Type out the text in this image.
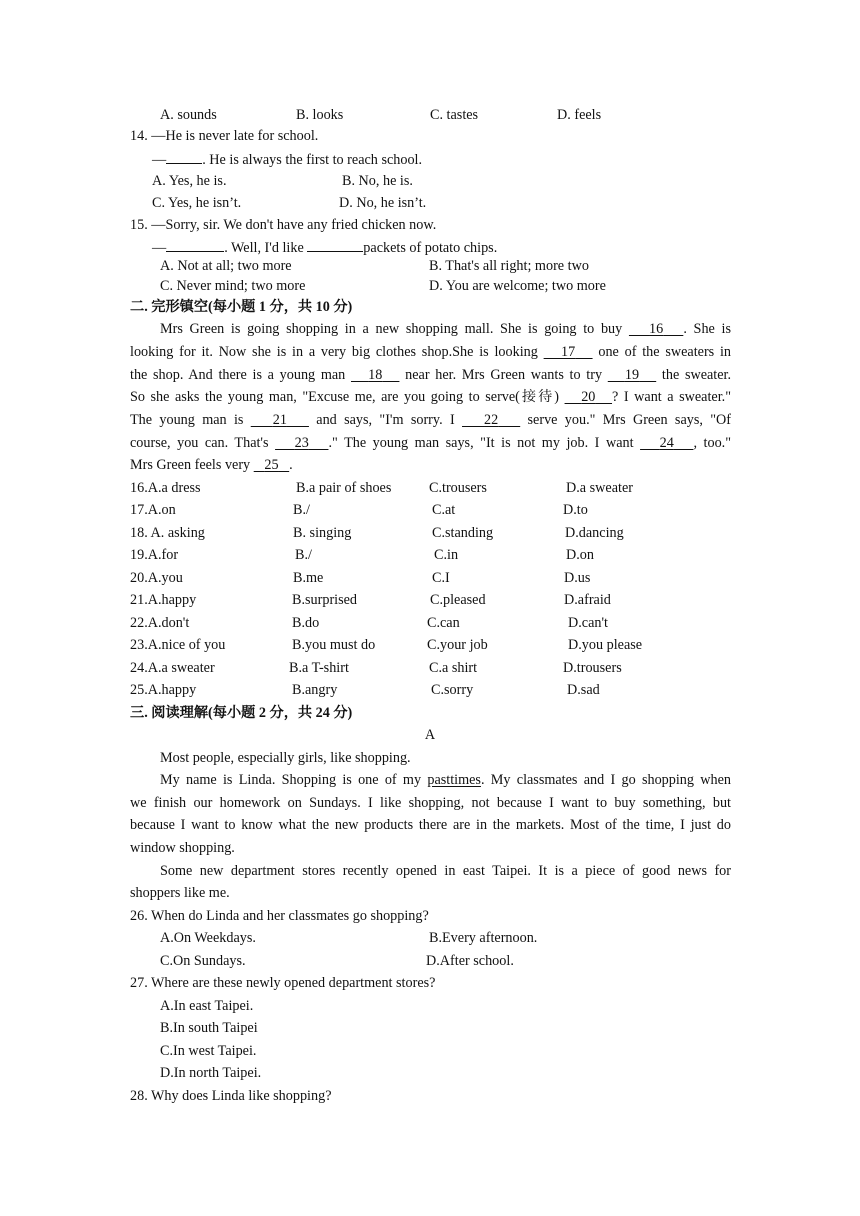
A. sounds	B. looks	C. tastes	D. feels
14. —He is never late for school.
—	. He is always the first to reach school.
A. Yes, he is.	B. No, he is.
C. Yes, he isn’t.	D. No, he isn’t.
15. —Sorry, sir. We don't have any fried chicken now.
—	. Well, I'd like	packets of potato chips.
A. Not at all; two more	B. That's all right; more two
C. Never mind; two more	D. You are welcome; two more
二. 完形镇空(每小题 1 分，共 10 分)
Mrs Green is going shopping in a new shopping mall. She is going to buy    16 . She is
looking for it. Now she is in a very big clothes shop.She is looking    17    one of the sweaters in
the shop. And there is a young man    18    near her. Mrs Green wants to try    19    the sweater.
So she asks the young man, "Excuse me, are you going to serve(接待)    20 ? I want a sweater."
The young man is    21    and says, "I'm sorry. I    22    serve you." Mrs Green says, "Of
course, you can. That's    23 ." The young man says, "It is not my job. I want    24 , too."
Mrs Green feels very    25 .
16.A.a dress	B.a pair of shoes	C.trousers	D.a sweater
17.A.on	B./	C.at	D.to
18. A. asking	B. singing	C.standing	D.dancing
19.A.for	B./	C.in	D.on
20.A.you	B.me	C.I	D.us
21.A.happy	B.surprised	C.pleased	D.afraid
22.A.don't	B.do	C.can	D.can't
23.A.nice of you	B.you must do	C.your job	D.you please
24.A.a sweater	B.a T-shirt	C.a shirt	D.trousers
25.A.happy	B.angry	C.sorry	D.sad
三. 阅读理解(每小题 2 分，共 24 分)
A
Most people, especially girls, like shopping.
My name is Linda. Shopping is one of my pasttimes. My classmates and I go shopping when
we finish our homework on Sundays. I like shopping, not because I want to buy something, but
because I want to know what the new products there are in the markets. Most of the time, I just do
window shopping.
Some new department stores recently opened in east Taipei. It is a piece of good news for
shoppers like me.
26. When do Linda and her classmates go shopping?
A.On Weekdays.	B.Every afternoon.
C.On Sundays.	D.After school.
27. Where are these newly opened department stores?
A.In east Taipei.
B.In south Taipei
C.In west Taipei.
D.In north Taipei.
28. Why does Linda like shopping?
